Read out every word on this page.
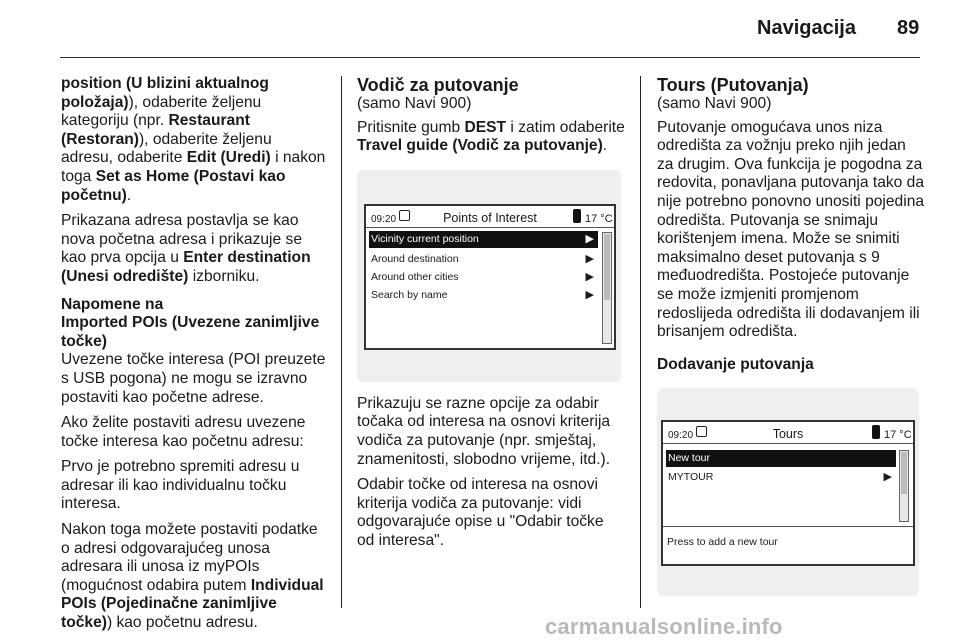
Navigacija 89

position (U blizini aktualnog položaja)), odaberite željenu kategoriju (npr. Restaurant (Restoran)), odaberite željenu adresu, odaberite Edit (Uredi) i nakon toga Set as Home (Postavi kao početnu).

Prikazana adresa postavlja se kao nova početna adresa i prikazuje se kao prva opcija u Enter destination (Unesi odredište) izborniku.

Napomene na
Imported POIs (Uvezene zanimljive točke)

Uvezene točke interesa (POI preuzete s USB pogona) ne mogu se izravno postaviti kao početne adrese.

Ako želite postaviti adresu uvezene točke interesa kao početnu adresu:

Prvo je potrebno spremiti adresu u adresar ili kao individualnu točku interesa.

Nakon toga možete postaviti podatke o adresi odgovarajućeg unosa adresara ili unosa iz myPOIs (mogućnost odabira putem Individual POIs (Pojedinačne zanimljive točke)) kao početnu adresu.

Vodič za putovanje

(samo Navi 900)

Pritisnite gumb DEST i zatim odaberite Travel guide (Vodič za putovanje).

09:20	Points of Interest	17 °C
Vicinity current position	▶
Around destination	▶
Around other cities	▶
Search by name	▶

Prikazuju se razne opcije za odabir točaka od interesa na osnovi kriterija vodiča za putovanje (npr. smještaj, znamenitosti, slobodno vrijeme, itd.).

Odabir točke od interesa na osnovi kriterija vodiča za putovanje: vidi odgovarajuće opise u "Odabir točke od interesa".

Tours (Putovanja)

(samo Navi 900)

Putovanje omogućava unos niza odredišta za vožnju preko njih jedan za drugim. Ova funkcija je pogodna za redovita, ponavljana putovanja tako da nije potrebno ponovno unositi pojedina odredišta. Putovanja se snimaju korištenjem imena. Može se snimiti maksimalno deset putovanja s 9 međuodredišta. Postojeće putovanje se može izmjeniti promjenom redoslijeda odredišta ili dodavanjem ili brisanjem odredišta.

Dodavanje putovanja
09:20	Tours	17 °C
New tour
MYTOUR	▶
Press to add a new tour
carmanualsonline.info
